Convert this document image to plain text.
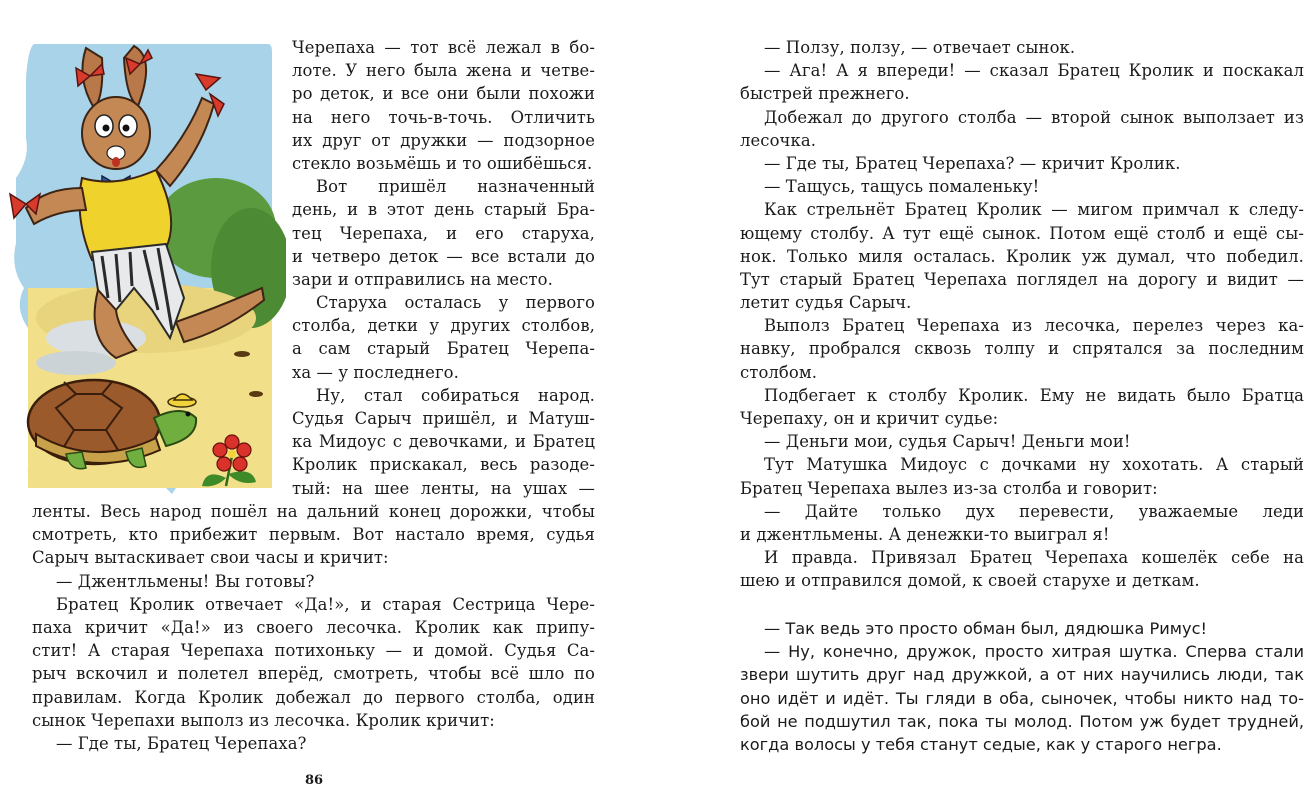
Черепаха — тот всё лежал в бо-
лоте. У него была жена и четве-
ро деток, и все они были похожи
на него точь-в-точь. Отличить
их друг от дружки — подзорное
стекло возьмёшь и то ошибёшься.
Вот пришёл назначенный
день, и в этот день старый Бра-
тец Черепаха, и его старуха,
и четверо деток — все встали до
зари и отправились на место.
Старуха осталась у первого
столба, детки у других столбов,
а сам старый Братец Черепа-
ха — у последнего.
Ну, стал собираться народ.
Судья Сарыч пришёл, и Матуш-
ка Мидоус с девочками, и Братец
Кролик прискакал, весь разоде-
тый: на шее ленты, на ушах —
ленты. Весь народ пошёл на дальний конец дорожки, чтобы
смотреть, кто прибежит первым. Вот настало время, судья
Сарыч вытаскивает свои часы и кричит:
— Джентльмены! Вы готовы?
Братец Кролик отвечает «Да!», и старая Сестрица Чере-
паха кричит «Да!» из своего лесочка. Кролик как припу-
стит! А старая Черепаха потихоньку — и домой. Судья Са-
рыч вскочил и полетел вперёд, смотреть, чтобы всё шло по
правилам. Когда Кролик добежал до первого столба, один
сынок Черепахи выполз из лесочка. Кролик кричит:
— Где ты, Братец Черепаха?
86
— Ползу, ползу, — отвечает сынок.
— Ага! А я впереди! — сказал Братец Кролик и поскакал
быстрей прежнего.
Добежал до другого столба — второй сынок выползает из
лесочка.
— Где ты, Братец Черепаха? — кричит Кролик.
— Тащусь, тащусь помаленьку!
Как стрельнёт Братец Кролик — мигом примчал к следу-
ющему столбу. А тут ещё сынок. Потом ещё столб и ещё сы-
нок. Только миля осталась. Кролик уж думал, что победил.
Тут старый Братец Черепаха поглядел на дорогу и видит —
летит судья Сарыч.
Выполз Братец Черепаха из лесочка, перелез через ка-
навку, пробрался сквозь толпу и спрятался за последним
столбом.
Подбегает к столбу Кролик. Ему не видать было Братца
Черепаху, он и кричит судье:
— Деньги мои, судья Сарыч! Деньги мои!
Тут Матушка Мидоус с дочками ну хохотать. А старый
Братец Черепаха вылез из-за столба и говорит:
— Дайте только дух перевести, уважаемые леди
и джентльмены. А денежки-то выиграл я!
И правда. Привязал Братец Черепаха кошелёк себе на
шею и отправился домой, к своей старухе и деткам.
— Так ведь это просто обман был, дядюшка Римус!
— Ну, конечно, дружок, просто хитрая шутка. Сперва стали
звери шутить друг над дружкой, а от них научились люди, так
оно идёт и идёт. Ты гляди в оба, сыночек, чтобы никто над то-
бой не подшутил так, пока ты молод. Потом уж будет трудней,
когда волосы у тебя станут седые, как у старого негра.
